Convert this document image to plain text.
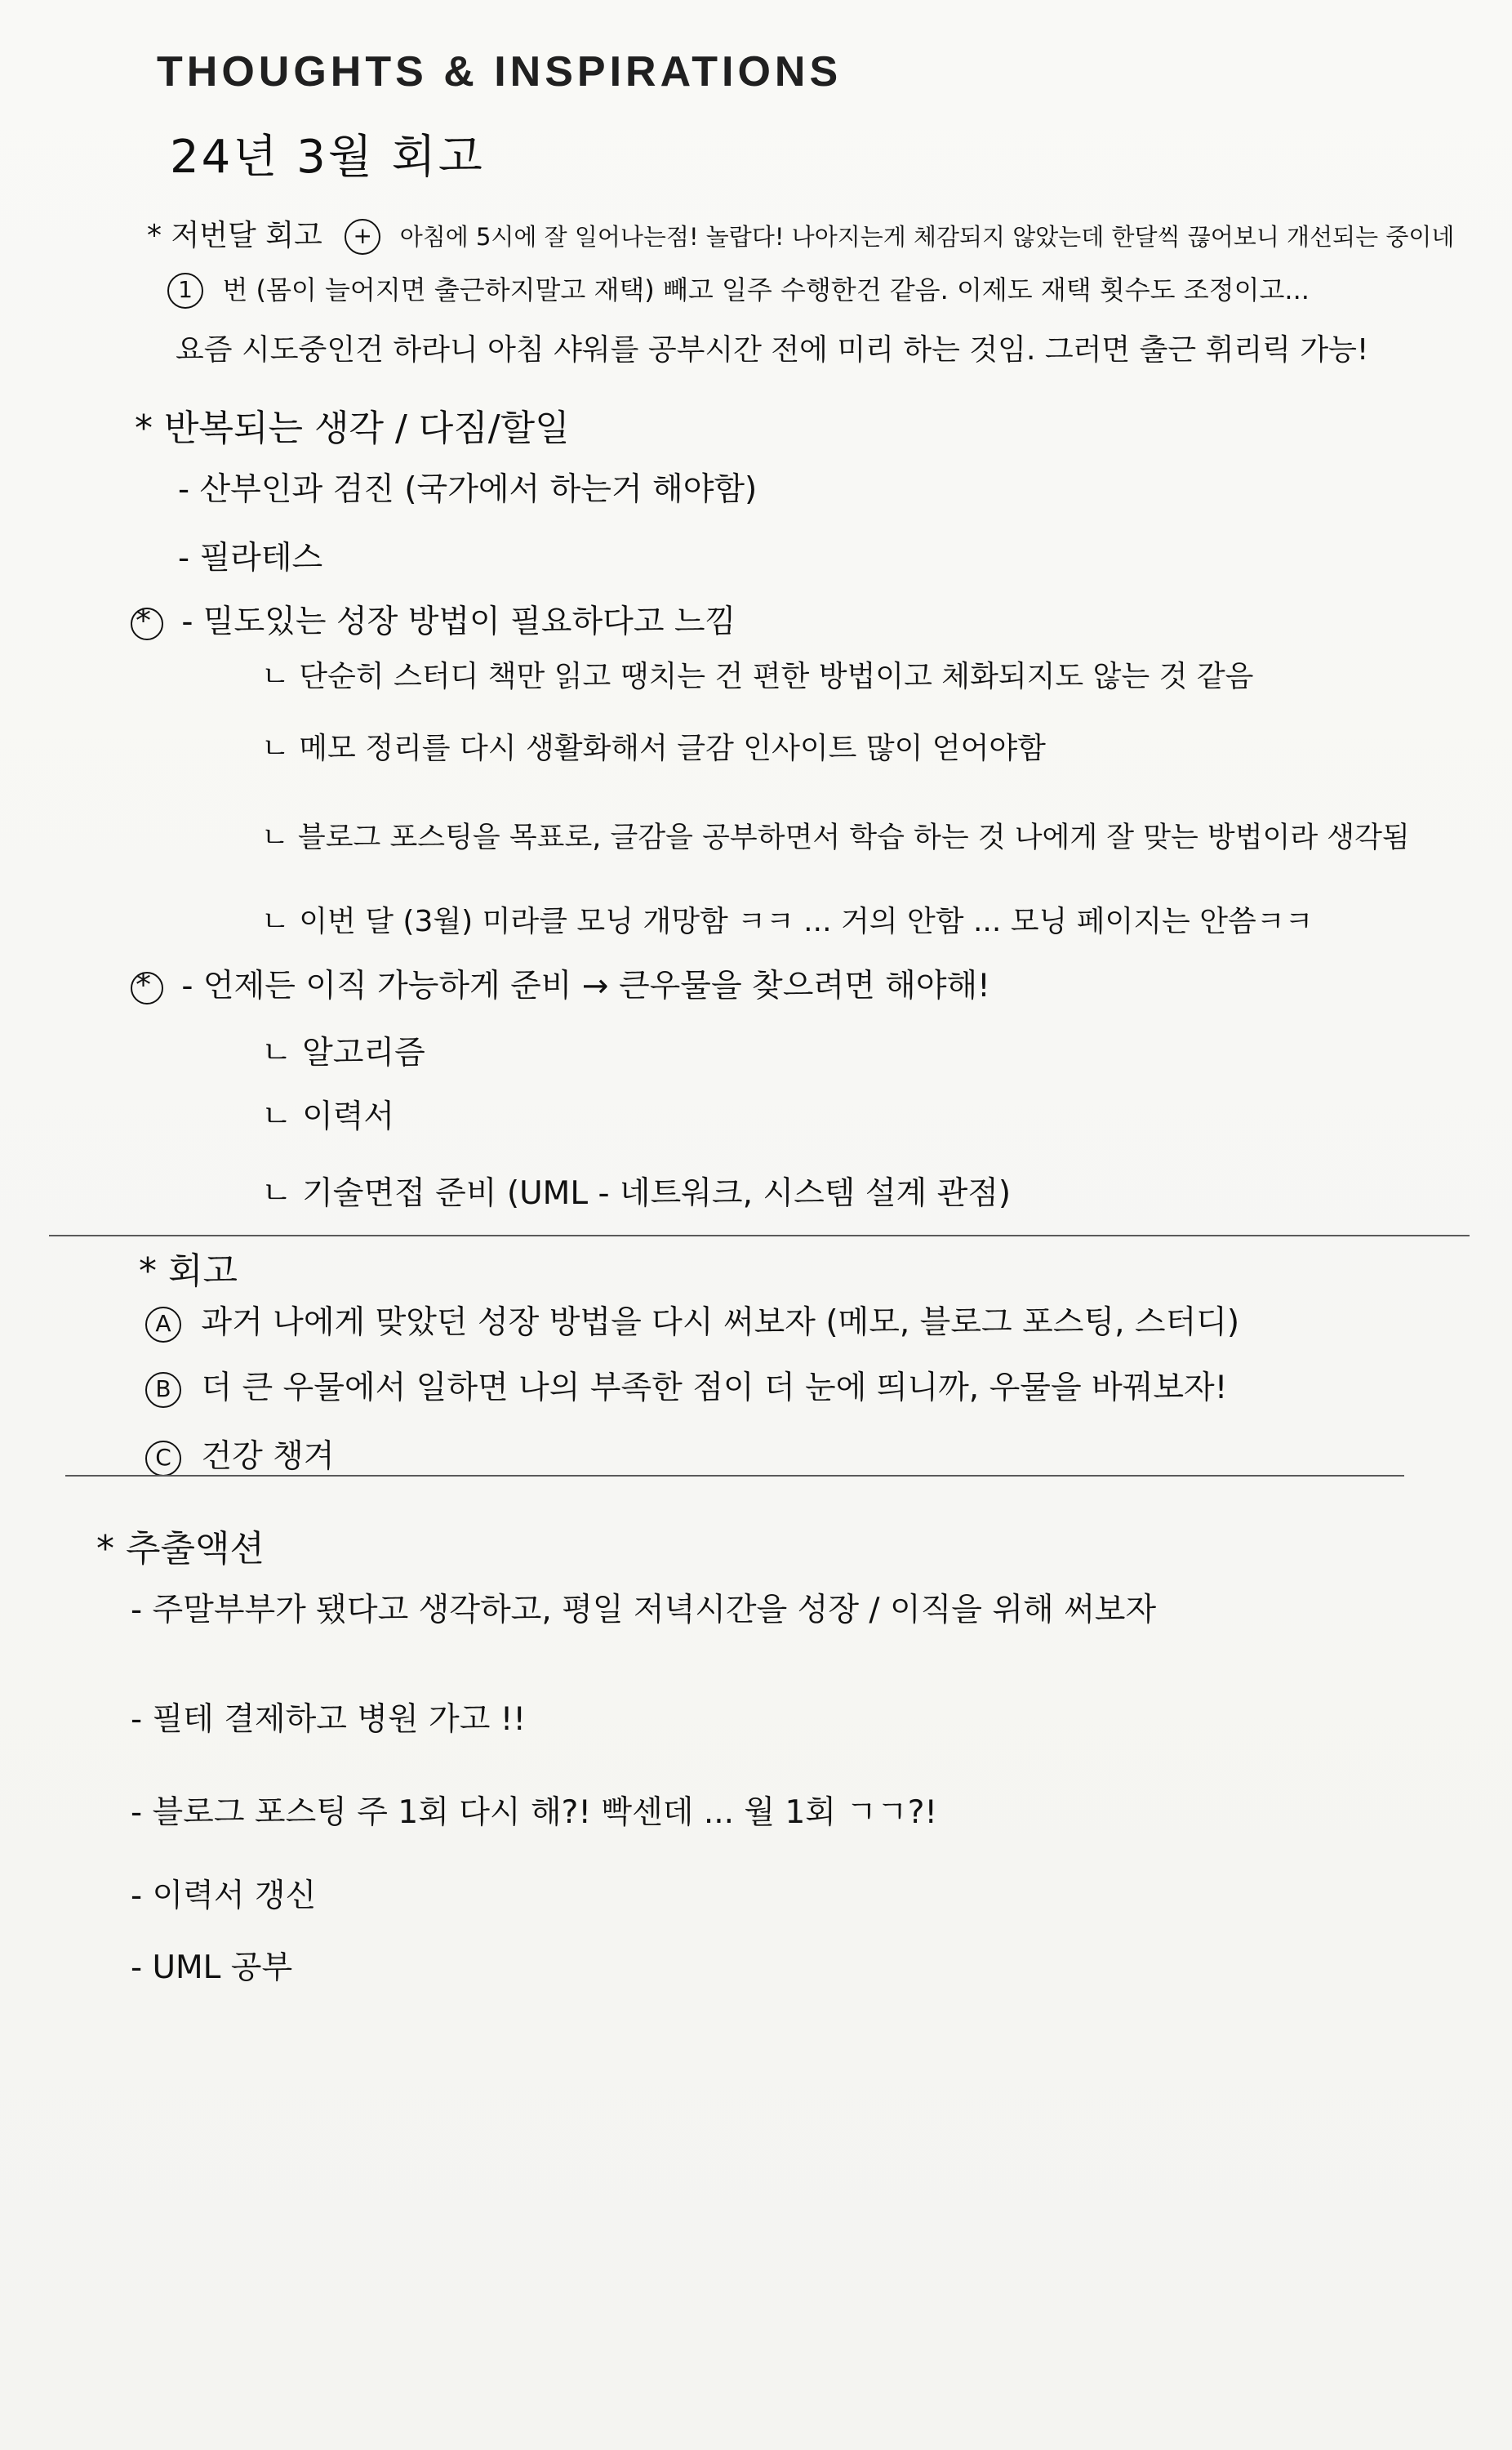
THOUGHTS & INSPIRATIONS
24년 3월 회고
* 저번달 회고 + 아침에 5시에 잘 일어나는점! 놀랍다! 나아지는게 체감되지 않았는데 한달씩 끊어보니 개선되는 중이네
1 번 (몸이 늘어지면 출근하지말고 재택) 빼고 일주 수행한건 같음. 이제도 재택 횟수도 조정이고...
요즘 시도중인건 하라니 아침 샤워를 공부시간 전에 미리 하는 것임. 그러면 출근 휘리릭 가능!
* 반복되는 생각 / 다짐/할일
- 산부인과 검진 (국가에서 하는거 해야함)
- 필라테스
* - 밀도있는 성장 방법이 필요하다고 느낌
ㄴ 단순히 스터디 책만 읽고 땡치는 건 편한 방법이고 체화되지도 않는 것 같음
ㄴ 메모 정리를 다시 생활화해서 글감 인사이트 많이 얻어야함
ㄴ 블로그 포스팅을 목표로, 글감을 공부하면서 학습 하는 것 나에게 잘 맞는 방법이라 생각됨
ㄴ 이번 달 (3월) 미라클 모닝 개망함 ㅋㅋ ... 거의 안함 ... 모닝 페이지는 안씀ㅋㅋ
* - 언제든 이직 가능하게 준비 → 큰우물을 찾으려면 해야해!
ㄴ 알고리즘
ㄴ 이력서
ㄴ 기술면접 준비 (UML - 네트워크, 시스템 설계 관점)
* 회고
A 과거 나에게 맞았던 성장 방법을 다시 써보자 (메모, 블로그 포스팅, 스터디)
B 더 큰 우물에서 일하면 나의 부족한 점이 더 눈에 띄니까, 우물을 바꿔보자!
C 건강 챙겨
* 추출액션
- 주말부부가 됐다고 생각하고, 평일 저녁시간을 성장 / 이직을 위해 써보자
- 필테 결제하고 병원 가고 !!
- 블로그 포스팅 주 1회 다시 해?! 빡센데 ... 월 1회 ㄱㄱ?!
- 이력서 갱신
- UML 공부
